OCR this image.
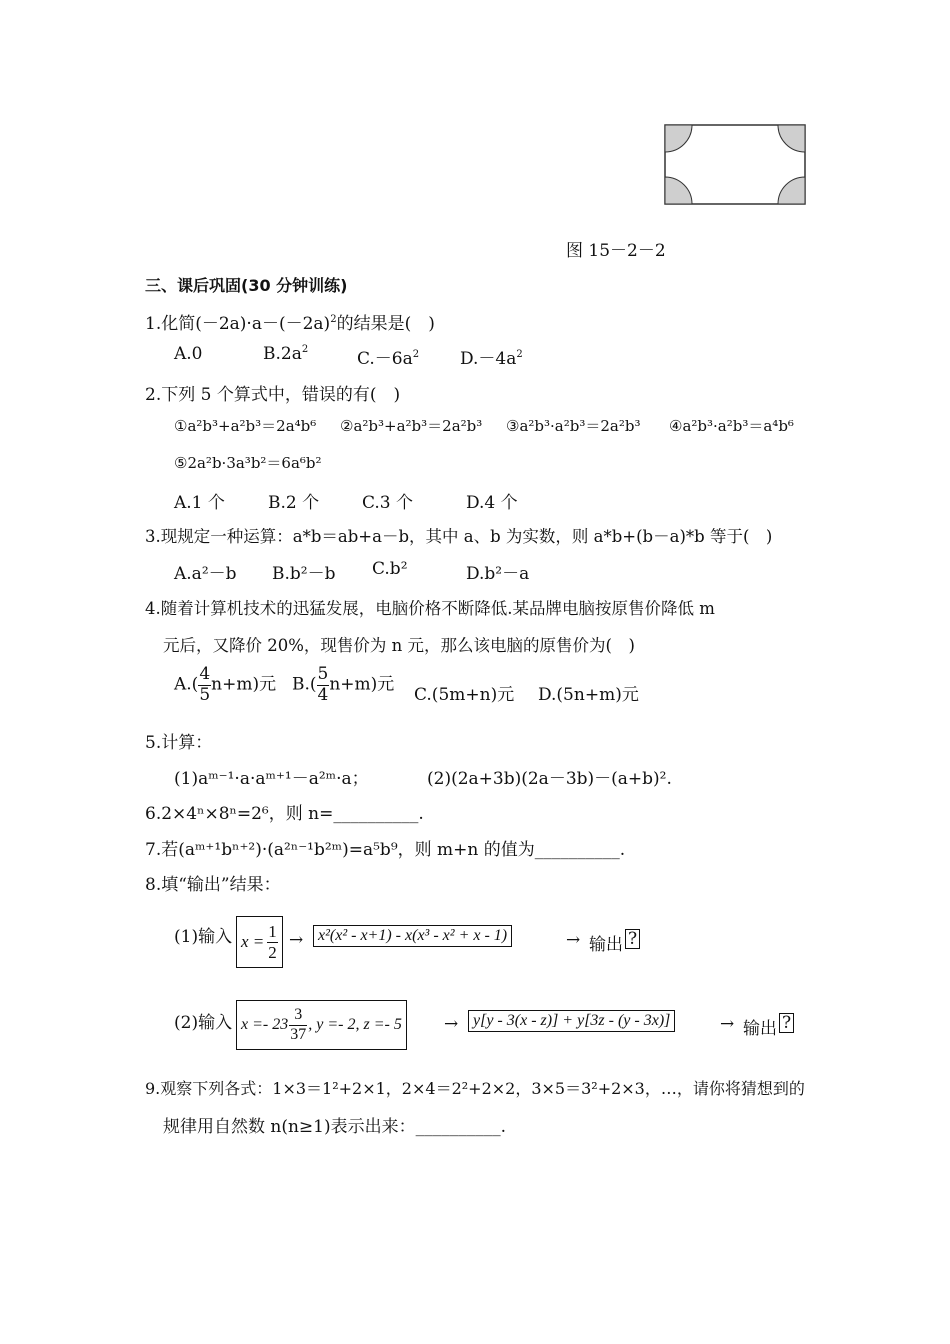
图 15－2－2
三、课后巩固(30 分钟训练)
1.化简$(-2a)\cdot a-(-2a)^2$的结果是(　)
A.0	$B.2a^2$	$C.-6a^2$ $D.-4a^2$
2.下列 5 个算式中，错误的有(　)
①a²b³+a²b³＝2a⁴b⁶ ②a²b³+a²b³＝2a²b³ ③a²b³·a²b³＝2a²b³ ④a²b³·a²b³＝a⁴b⁶
⑤2a²b·3a³b²＝6a⁶b²
A.1 个	B.2 个	C.3 个	D.4 个
3.现规定一种运算：a*b＝ab+a－b，其中 a、b 为实数，则 a*b+(b－a)*b 等于(　)
A.a²－b B.b²－b C.b²	D.b²－a
4.随着计算机技术的迅猛发展，电脑价格不断降低.某品牌电脑按原售价降低 m
元后，又降价 20%，现售价为 n 元，那么该电脑的原售价为(　)
$A.( \frac{4}{5} n+m)$元 $B.( \frac{5}{4} n+m)$元
C.(5m+n)元 D.(5n+m)元
5.计算：
(1)aᵐ⁻¹·a·aᵐ⁺¹－a²ᵐ·a；	(2)(2a+3b)(2a－3b)－(a+b)².
6.2×4ⁿ×8ⁿ=2⁶，则 n=__________.
7.若(aᵐ⁺¹bⁿ⁺²)·(a²ⁿ⁻¹b²ᵐ)=a⁵b⁹，则 m+n 的值为__________.
8.填“输出”结果：
(1)输入 $x = \frac{1}{2} \to x^2(x^2 - x+1) - x(x^3 - x^2 + x - 1)$	→ 输出 ?
(2)输入 $x =- 23 \frac{3}{37}$ , y =- 2, z =- 5 → y[y - 3(x - z)] + y[3z - (y - 3x)]	→ 输出 ?
9.观察下列各式：1×3＝1²+2×1，2×4＝2²+2×2，3×5＝3²+2×3，…，请你将猜想到的
规律用自然数 n(n≥1)表示出来：__________.
